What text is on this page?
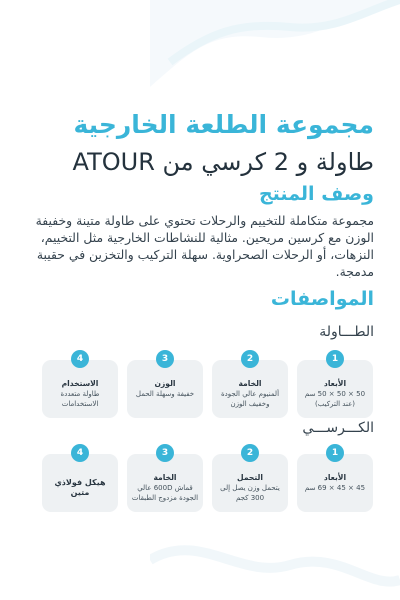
مجموعة الطلعة الخارجية
طاولة و 2 كرسي من ATOUR
وصف المنتج
مجموعة متكاملة للتخييم والرحلات تحتوي على طاولة متينة وخفيفة الوزن مع كرسين مريحين. مثالية للنشاطات الخارجية مثل التخييم، النزهات، أو الرحلات الصحراوية. سهلة التركيب والتخزين في حقيبة مدمجة.
المواصفات
الطـــاولة
1
الأبعاد
50 × 50 × 50 سم (عند التركيب)
2
الخامة
ألمنيوم عالي الجودة وخفيف الوزن
3
الوزن
خفيفة وسهلة الحمل
4
الاستخدام
طاولة متعددة الاستخدامات
الكـــرســـي
1
الأبعاد
45 × 45 × 69 سم
2
التحمل
يتحمل وزن يصل إلى 300 كجم
3
الخامة
قماش 600D عالي الجودة مزدوج الطبقات
4
هيكل فولاذي متين
